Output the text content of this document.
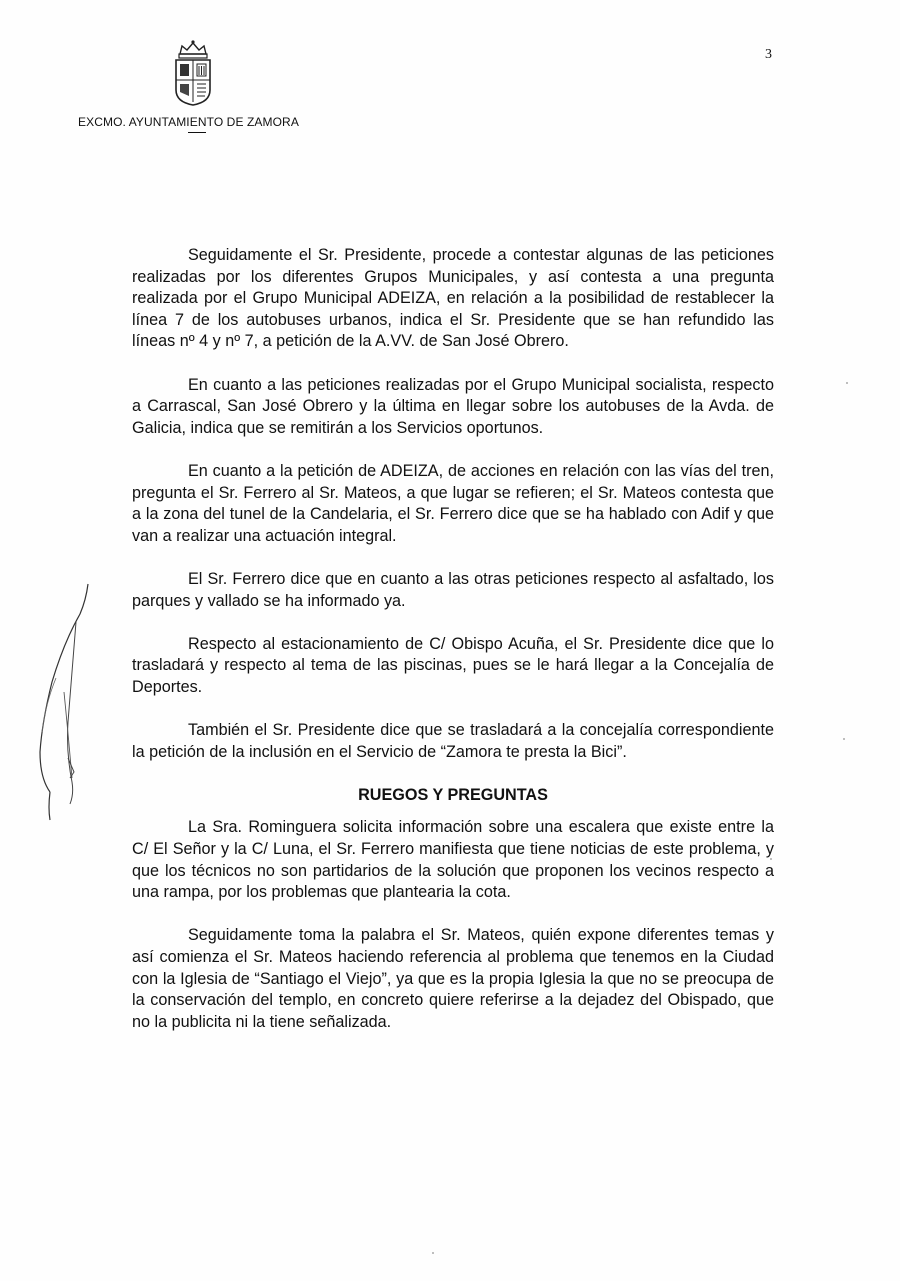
EXCMO. AYUNTAMIENTO DE ZAMORA
3

Seguidamente el Sr. Presidente, procede a contestar algunas de las peticiones realizadas por los diferentes Grupos Municipales, y así contesta a una pregunta realizada por el Grupo Municipal ADEIZA, en relación a la posibilidad de restablecer la línea 7 de los autobuses urbanos, indica el Sr. Presidente que se han refundido las líneas nº 4 y nº 7, a petición de la A.VV. de San José Obrero.

En cuanto a las peticiones realizadas por el Grupo Municipal socialista, respecto a Carrascal, San José Obrero y la última en llegar sobre los autobuses de la Avda. de Galicia, indica que se remitirán a los Servicios oportunos.

En cuanto a la petición de ADEIZA, de acciones en relación con las vías del tren, pregunta el Sr. Ferrero al Sr. Mateos, a que lugar se refieren; el Sr. Mateos contesta que a la zona del tunel de la Candelaria, el Sr. Ferrero dice que se ha hablado con Adif y que van a realizar una actuación integral.

El Sr. Ferrero dice que en cuanto a las otras peticiones respecto al asfaltado, los parques y vallado se ha informado ya.

Respecto al estacionamiento de C/ Obispo Acuña, el Sr. Presidente dice que lo trasladará y respecto al tema de las piscinas, pues se le hará llegar a la Concejalía de Deportes.

También el Sr. Presidente dice que se trasladará a la concejalía correspondiente la petición de la inclusión en el Servicio de “Zamora te presta la Bici”.

RUEGOS Y PREGUNTAS

La Sra. Rominguera solicita información sobre una escalera que existe entre la C/ El Señor y la C/ Luna, el Sr. Ferrero manifiesta que tiene noticias de este problema, y que los técnicos no son partidarios de la solución que proponen los vecinos respecto a una rampa, por los problemas que plantearia la cota.

Seguidamente toma la palabra el Sr. Mateos, quién expone diferentes temas y así comienza el Sr. Mateos haciendo referencia al problema que tenemos en la Ciudad con la Iglesia de “Santiago el Viejo”, ya que es la propia Iglesia la que no se preocupa de la conservación del templo, en concreto quiere referirse a la dejadez del Obispado, que no la publicita ni la tiene señalizada.
